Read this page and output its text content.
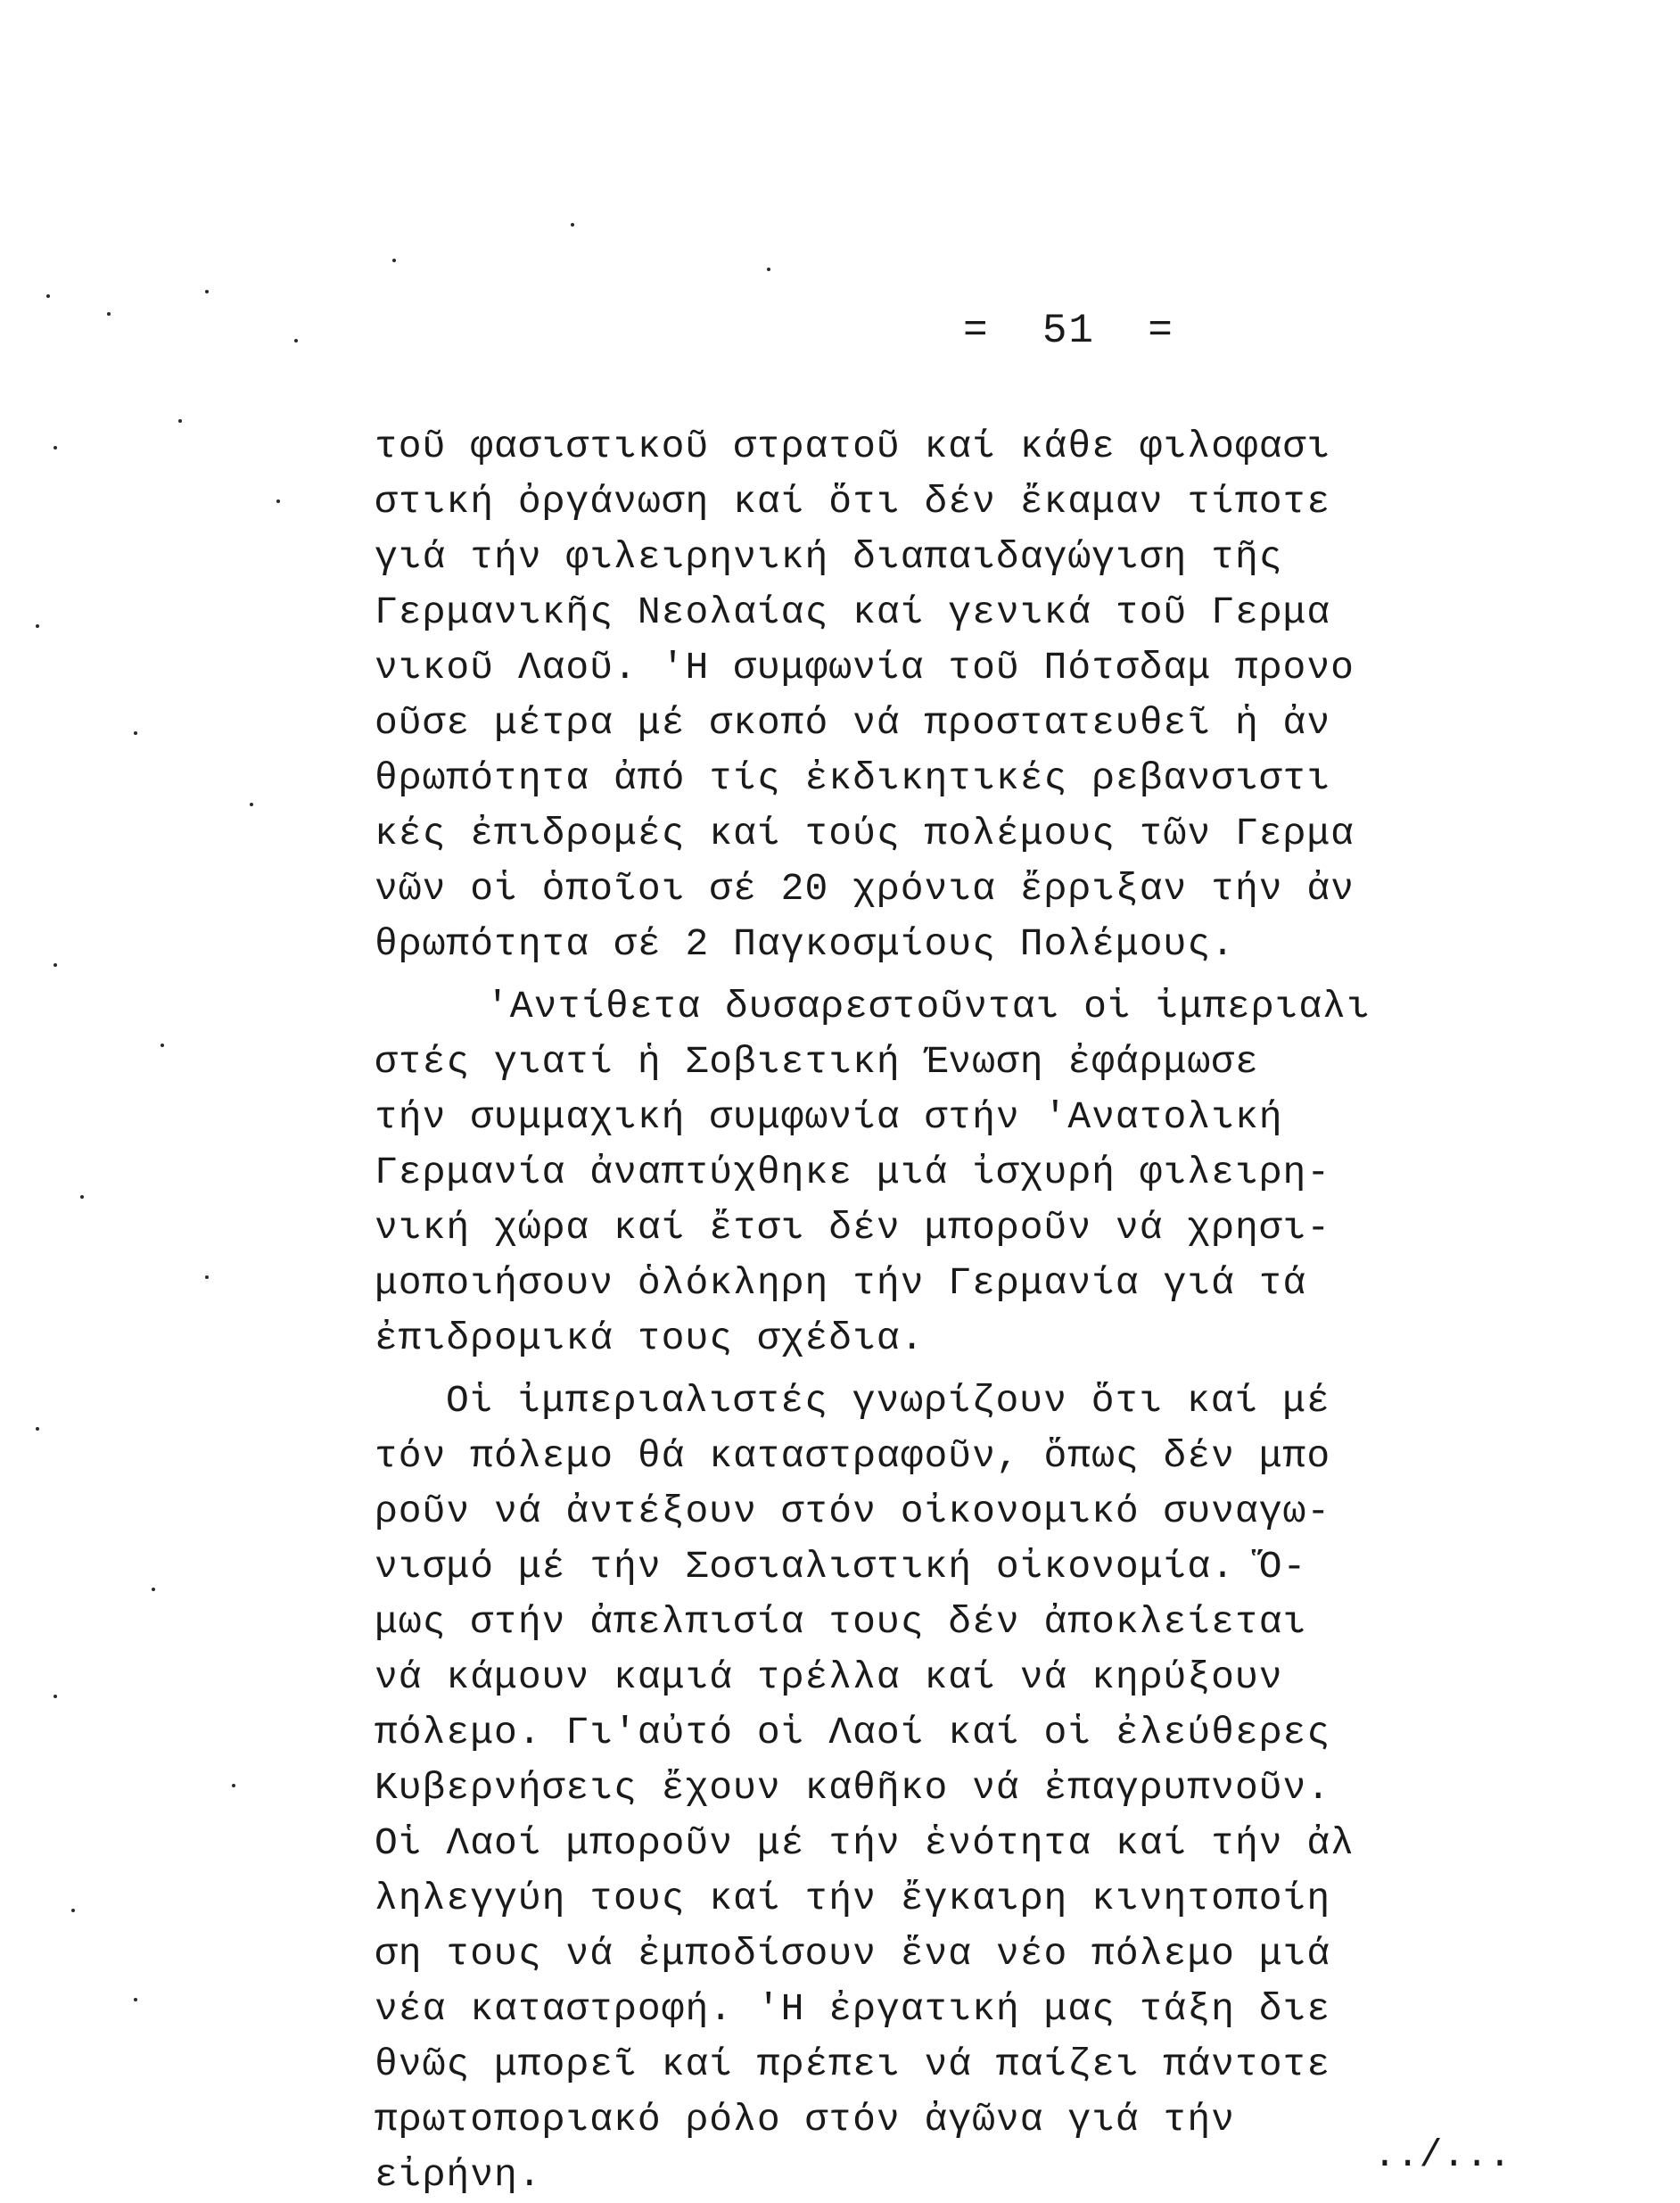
=  51  =
τοῦ φασιστικοῦ στρατοῦ καί κάθε φιλοφασι
στική ὀργάνωση καί ὅτι δέν ἔκαμαν τίποτε
γιά τήν φιλειρηνική διαπαιδαγώγιση τῆς
Γερμανικῆς Νεολαίας καί γενικά τοῦ Γερμα
νικοῦ Λαοῦ. 'Η συμφωνία τοῦ Πότσδαμ προνο
οῦσε μέτρα μέ σκοπό νά προστατευθεῖ ἡ ἀν
θρωπότητα ἀπό τίς ἐκδικητικές ρεβανσιστι
κές ἐπιδρομές καί τούς πολέμους τῶν Γερμα
νῶν οἱ ὁποῖοι σέ 20 χρόνια ἔρριξαν τήν ἀν
θρωπότητα σέ 2 Παγκοσμίους Πολέμους.
'Αντίθετα δυσαρεστοῦνται οἱ ἰμπεριαλι
στές γιατί ἡ Σοβιετική Ένωση ἐφάρμωσε
τήν συμμαχική συμφωνία στήν 'Ανατολική
Γερμανία ἀναπτύχθηκε μιά ἰσχυρή φιλειρη-
νική χώρα καί ἔτσι δέν μποροῦν νά χρησι-
μοποιήσουν ὁλόκληρη τήν Γερμανία γιά τά
ἐπιδρομικά τους σχέδια.
Οἱ ἰμπεριαλιστές γνωρίζουν ὅτι καί μέ
τόν πόλεμο θά καταστραφοῦν, ὅπως δέν μπο
ροῦν νά ἀντέξουν στόν οἰκονομικό συναγω-
νισμό μέ τήν Σοσιαλιστική οἰκονομία. Ὅ-
μως στήν ἀπελπισία τους δέν ἀποκλείεται
νά κάμουν καμιά τρέλλα καί νά κηρύξουν
πόλεμο. Γι'αὐτό οἱ Λαοί καί οἱ ἐλεύθερες
Κυβερνήσεις ἔχουν καθῆκο νά ἐπαγρυπνοῦν.
Οἱ Λαοί μποροῦν μέ τήν ἑνότητα καί τήν ἀλ
ληλεγγύη τους καί τήν ἔγκαιρη κινητοποίη
ση τους νά ἐμποδίσουν ἕνα νέο πόλεμο μιά
νέα καταστροφή. 'Η ἐργατική μας τάξη διε
θνῶς μπορεῖ καί πρέπει νά παίζει πάντοτε
πρωτοποριακό ρόλο στόν ἀγῶνα γιά τήν
εἰρήνη.	../...
